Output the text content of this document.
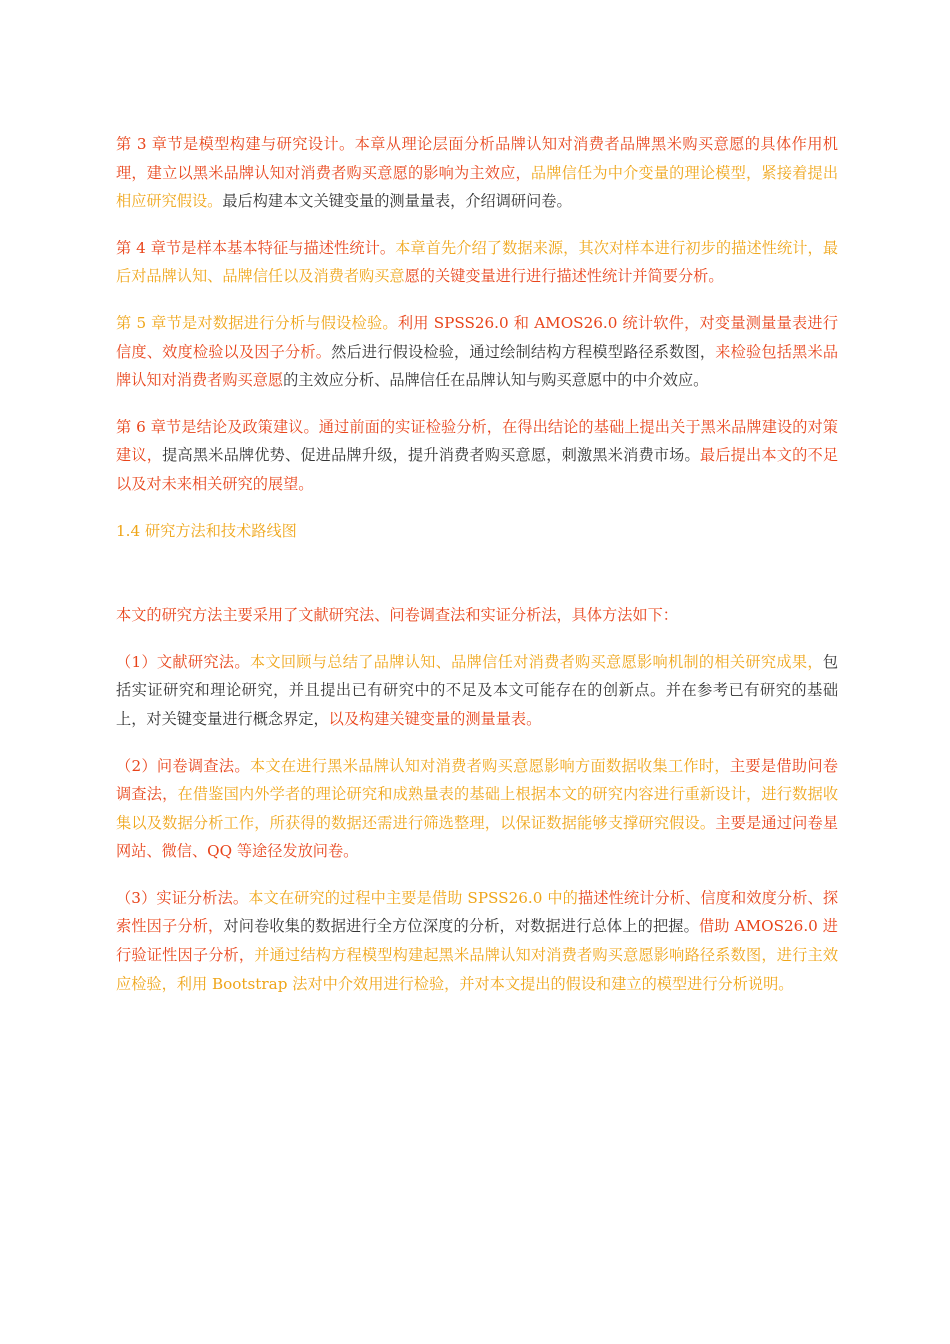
第 3 章节是模型构建与研究设计。本章从理论层面分析品牌认知对消费者品牌黑米购买意愿的具体作用机理，建立以黑米品牌认知对消费者购买意愿的影响为主效应，品牌信任为中介变量的理论模型，紧接着提出相应研究假设。最后构建本文关键变量的测量量表，介绍调研问卷。

第 4 章节是样本基本特征与描述性统计。本章首先介绍了数据来源，其次对样本进行初步的描述性统计，最后对品牌认知、品牌信任以及消费者购买意愿的关键变量进行进行描述性统计并简要分析。

第 5 章节是对数据进行分析与假设检验。利用 SPSS26.0 和 AMOS26.0 统计软件，对变量测量量表进行信度、效度检验以及因子分析。然后进行假设检验，通过绘制结构方程模型路径系数图，来检验包括黑米品牌认知对消费者购买意愿的主效应分析、品牌信任在品牌认知与购买意愿中的中介效应。

第 6 章节是结论及政策建议。通过前面的实证检验分析，在得出结论的基础上提出关于黑米品牌建设的对策建议，提高黑米品牌优势、促进品牌升级，提升消费者购买意愿，刺激黑米消费市场。最后提出本文的不足以及对未来相关研究的展望。

1.4 研究方法和技术路线图

本文的研究方法主要采用了文献研究法、问卷调查法和实证分析法，具体方法如下：

（1）文献研究法。本文回顾与总结了品牌认知、品牌信任对消费者购买意愿影响机制的相关研究成果，包括实证研究和理论研究，并且提出已有研究中的不足及本文可能存在的创新点。并在参考已有研究的基础上，对关键变量进行概念界定，以及构建关键变量的测量量表。

（2）问卷调查法。本文在进行黑米品牌认知对消费者购买意愿影响方面数据收集工作时，主要是借助问卷调查法，在借鉴国内外学者的理论研究和成熟量表的基础上根据本文的研究内容进行重新设计，进行数据收集以及数据分析工作，所获得的数据还需进行筛选整理，以保证数据能够支撑研究假设。主要是通过问卷星网站、微信、QQ 等途径发放问卷。

（3）实证分析法。本文在研究的过程中主要是借助 SPSS26.0 中的描述性统计分析、信度和效度分析、探索性因子分析，对问卷收集的数据进行全方位深度的分析，对数据进行总体上的把握。借助 AMOS26.0 进行验证性因子分析，并通过结构方程模型构建起黑米品牌认知对消费者购买意愿影响路径系数图，进行主效应检验，利用 Bootstrap 法对中介效用进行检验，并对本文提出的假设和建立的模型进行分析说明。
